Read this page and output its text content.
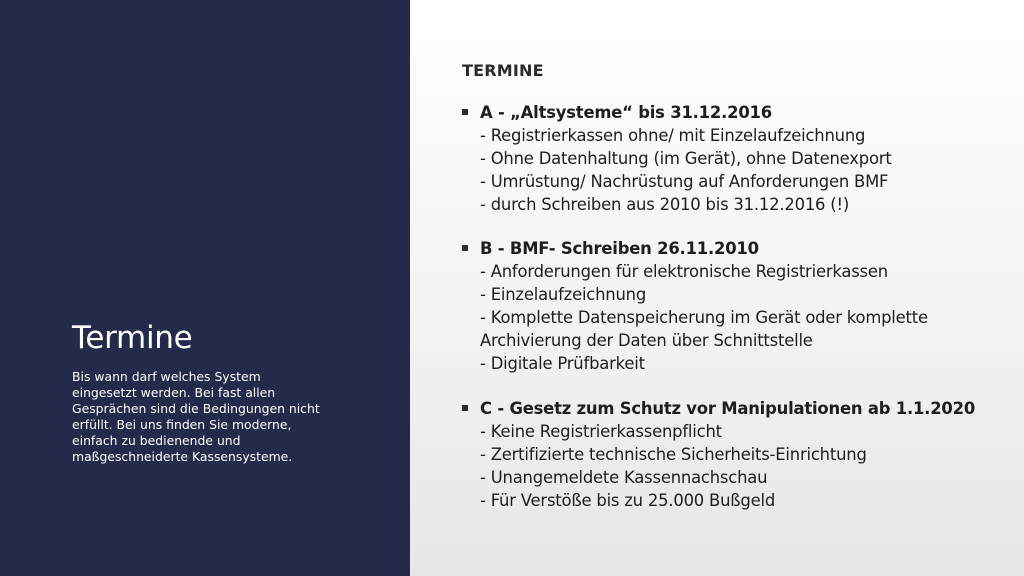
Termine

Bis wann darf welches System eingesetzt werden. Bei fast allen Gesprächen sind die Bedingungen nicht erfüllt. Bei uns finden Sie moderne, einfach zu bedienende und maßgeschneiderte Kassensysteme.

TERMINE
A - „Altsysteme“ bis 31.12.2016
- Registrierkassen ohne/ mit Einzelaufzeichnung
- Ohne Datenhaltung (im Gerät), ohne Datenexport
- Umrüstung/ Nachrüstung auf Anforderungen BMF
- durch Schreiben aus 2010 bis 31.12.2016 (!)
B - BMF- Schreiben 26.11.2010
- Anforderungen für elektronische Registrierkassen
- Einzelaufzeichnung
- Komplette Datenspeicherung im Gerät oder komplette
Archivierung der Daten über Schnittstelle
- Digitale Prüfbarkeit
C - Gesetz zum Schutz vor Manipulationen ab 1.1.2020
- Keine Registrierkassenpflicht
- Zertifizierte technische Sicherheits-Einrichtung
- Unangemeldete Kassennachschau
- Für Verstöße bis zu 25.000 Bußgeld
